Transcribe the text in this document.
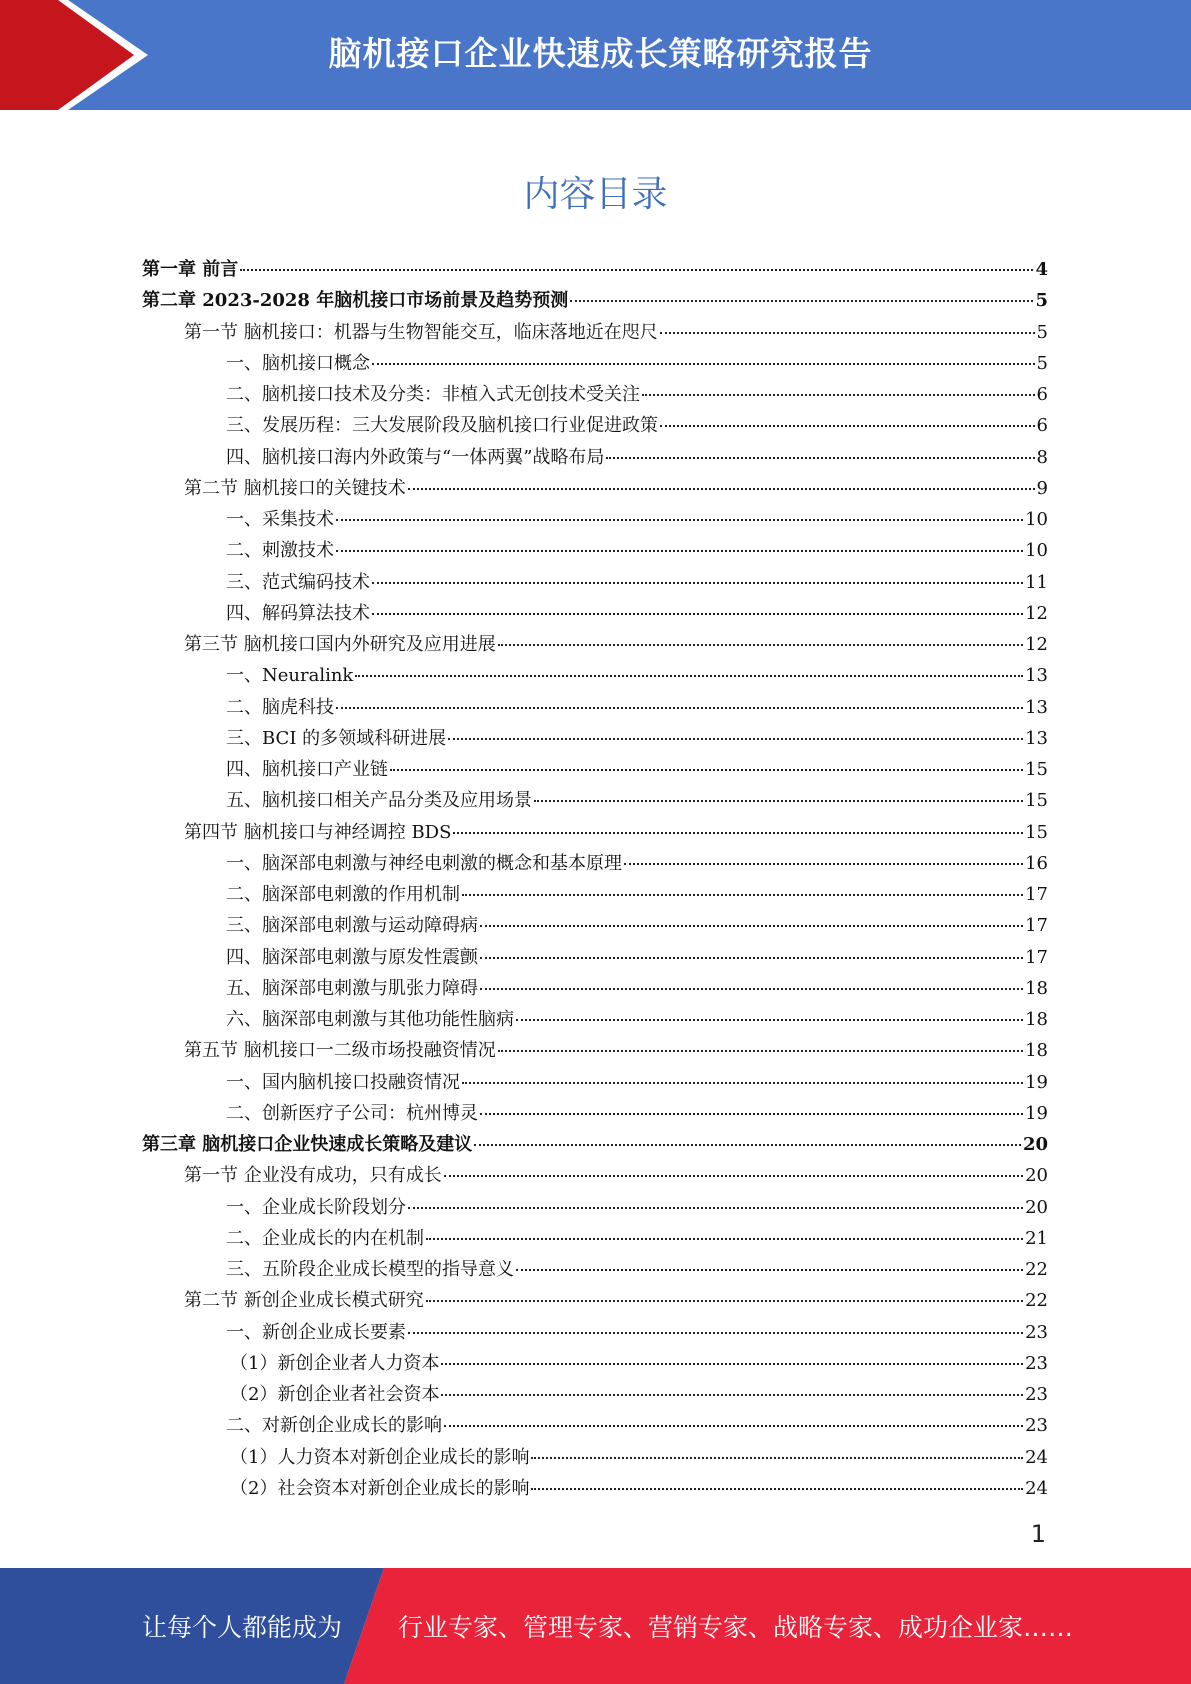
脑机接口企业快速成长策略研究报告
内容目录
第一章 前言	4
第二章 2023-2028 年脑机接口市场前景及趋势预测	5
第一节 脑机接口：机器与生物智能交互，临床落地近在咫尺	5
一、脑机接口概念	5
二、脑机接口技术及分类：非植入式无创技术受关注	6
三、发展历程：三大发展阶段及脑机接口行业促进政策	6
四、脑机接口海内外政策与“一体两翼”战略布局	8
第二节 脑机接口的关键技术	9
一、采集技术	10
二、刺激技术	10
三、范式编码技术	11
四、解码算法技术	12
第三节 脑机接口国内外研究及应用进展	12
一、Neuralink	13
二、脑虎科技	13
三、BCI 的多领域科研进展	13
四、脑机接口产业链	15
五、脑机接口相关产品分类及应用场景	15
第四节 脑机接口与神经调控 BDS	15
一、脑深部电刺激与神经电刺激的概念和基本原理	16
二、脑深部电刺激的作用机制	17
三、脑深部电刺激与运动障碍病	17
四、脑深部电刺激与原发性震颤	17
五、脑深部电刺激与肌张力障碍	18
六、脑深部电刺激与其他功能性脑病	18
第五节 脑机接口一二级市场投融资情况	18
一、国内脑机接口投融资情况	19
二、创新医疗子公司：杭州博灵	19
第三章 脑机接口企业快速成长策略及建议	20
第一节 企业没有成功，只有成长	20
一、企业成长阶段划分	20
二、企业成长的内在机制	21
三、五阶段企业成长模型的指导意义	22
第二节 新创企业成长模式研究	22
一、新创企业成长要素	23
（1）新创企业者人力资本	23
（2）新创企业者社会资本	23
二、对新创企业成长的影响	23
（1）人力资本对新创企业成长的影响	24
（2）社会资本对新创企业成长的影响	24
1
让每个人都能成为 行业专家、管理专家、营销专家、战略专家、成功企业家……
